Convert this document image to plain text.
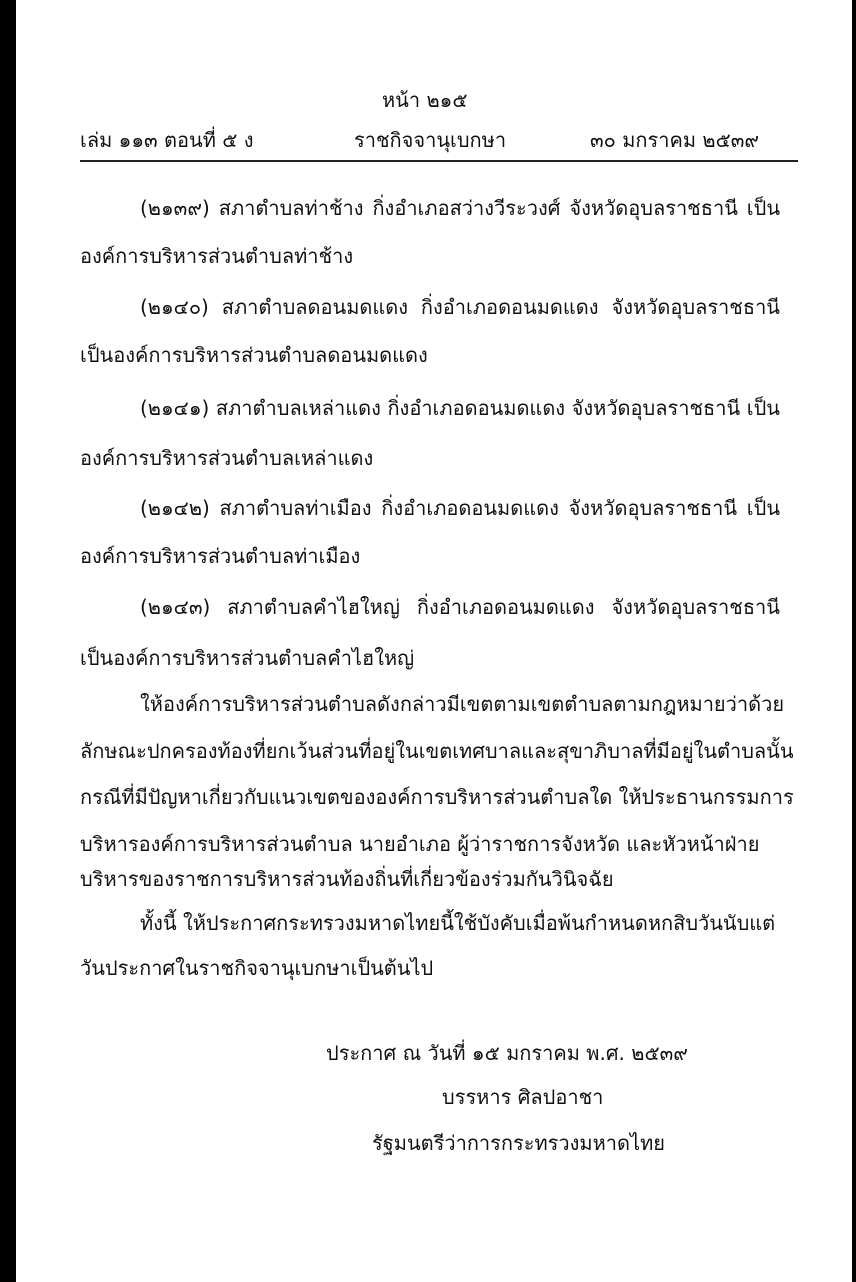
หน้า ๒๑๕
เล่ม ๑๑๓ ตอนที่ ๕ ง	ราชกิจจานุเบกษา	๓๐ มกราคม ๒๕๓๙
(๒๑๓๙) สภาตำบลท่าช้าง กิ่งอำเภอสว่างวีระวงศ์ จังหวัดอุบลราชธานี เป็น
องค์การบริหารส่วนตำบลท่าช้าง
(๒๑๔๐) สภาตำบลดอนมดแดง กิ่งอำเภอดอนมดแดง จังหวัดอุบลราชธานี
เป็นองค์การบริหารส่วนตำบลดอนมดแดง
(๒๑๔๑) สภาตำบลเหล่าแดง กิ่งอำเภอดอนมดแดง จังหวัดอุบลราชธานี เป็น
องค์การบริหารส่วนตำบลเหล่าแดง
(๒๑๔๒) สภาตำบลท่าเมือง กิ่งอำเภอดอนมดแดง จังหวัดอุบลราชธานี เป็น
องค์การบริหารส่วนตำบลท่าเมือง
(๒๑๔๓) สภาตำบลคำไฮใหญ่ กิ่งอำเภอดอนมดแดง จังหวัดอุบลราชธานี
เป็นองค์การบริหารส่วนตำบลคำไฮใหญ่
ให้องค์การบริหารส่วนตำบลดังกล่าวมีเขตตามเขตตำบลตามกฎหมายว่าด้วย
ลักษณะปกครองท้องที่ยกเว้นส่วนที่อยู่ในเขตเทศบาลและสุขาภิบาลที่มีอยู่ในตำบลนั้น
กรณีที่มีปัญหาเกี่ยวกับแนวเขตขององค์การบริหารส่วนตำบลใด ให้ประธานกรรมการ
บริหารองค์การบริหารส่วนตำบล นายอำเภอ ผู้ว่าราชการจังหวัด และหัวหน้าฝ่าย
บริหารของราชการบริหารส่วนท้องถิ่นที่เกี่ยวข้องร่วมกันวินิจฉัย
ทั้งนี้ ให้ประกาศกระทรวงมหาดไทยนี้ใช้บังคับเมื่อพ้นกำหนดหกสิบวันนับแต่
วันประกาศในราชกิจจานุเบกษาเป็นต้นไป
ประกาศ ณ วันที่ ๑๕ มกราคม พ.ศ. ๒๕๓๙
บรรหาร ศิลปอาชา
รัฐมนตรีว่าการกระทรวงมหาดไทย
